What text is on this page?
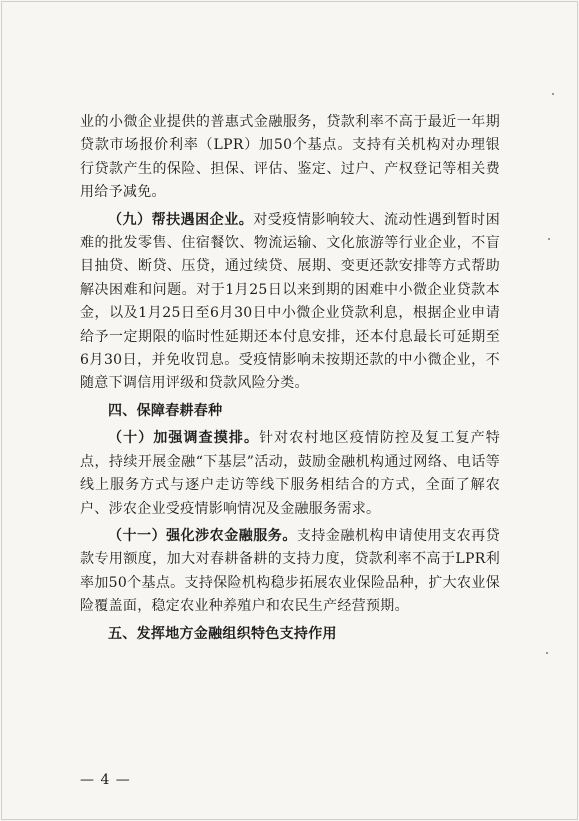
业的小微企业提供的普惠式金融服务，贷款利率不高于最近一年期贷款市场报价利率（LPR）加50个基点。支持有关机构对办理银行贷款产生的保险、担保、评估、鉴定、过户、产权登记等相关费用给予减免。

（九）帮扶遇困企业。对受疫情影响较大、流动性遇到暂时困难的批发零售、住宿餐饮、物流运输、文化旅游等行业企业，不盲目抽贷、断贷、压贷，通过续贷、展期、变更还款安排等方式帮助解决困难和问题。对于1月25日以来到期的困难中小微企业贷款本金，以及1月25日至6月30日中小微企业贷款利息，根据企业申请给予一定期限的临时性延期还本付息安排，还本付息最长可延期至6月30日，并免收罚息。受疫情影响未按期还款的中小微企业，不随意下调信用评级和贷款风险分类。

四、保障春耕春种

（十）加强调查摸排。针对农村地区疫情防控及复工复产特点，持续开展金融“下基层”活动，鼓励金融机构通过网络、电话等线上服务方式与逐户走访等线下服务相结合的方式，全面了解农户、涉农企业受疫情影响情况及金融服务需求。

（十一）强化涉农金融服务。支持金融机构申请使用支农再贷款专用额度，加大对春耕备耕的支持力度，贷款利率不高于LPR利率加50个基点。支持保险机构稳步拓展农业保险品种，扩大农业保险覆盖面，稳定农业种养殖户和农民生产经营预期。

五、发挥地方金融组织特色支持作用

— 4 —
